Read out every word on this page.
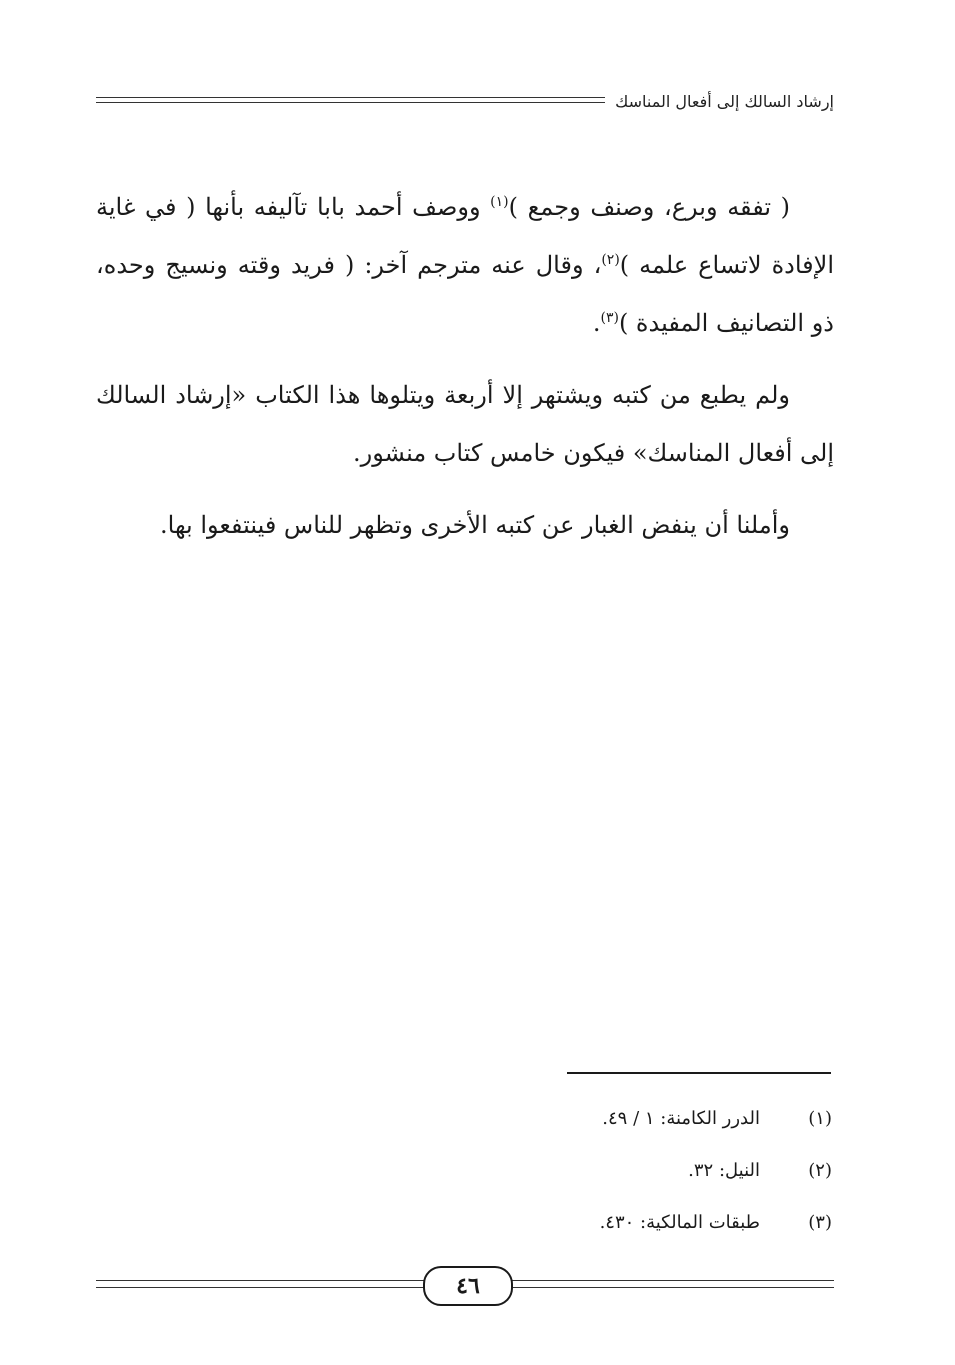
إرشاد السالك إلى أفعال المناسك

( تفقه وبرع، وصنف وجمع )$^{(١)}$ ووصف أحمد بابا تآليفه بأنها ( في غاية الإفادة لاتساع علمه )$^{(٢)}$، وقال عنه مترجم آخر: ( فريد وقته ونسيج وحده، ذو التصانيف المفيدة )$^{(٣)}$.

ولم يطبع من كتبه ويشتهر إلا أربعة ويتلوها هذا الكتاب «إرشاد السالك إلى أفعال المناسك» فيكون خامس كتاب منشور.

وأملنا أن ينفض الغبار عن كتبه الأخرى وتظهر للناس فينتفعوا بها.

(١)
الدرر الكامنة: ١ / ٤٩.
(٢)
النيل: ٣٢.
(٣)
طبقات المالكية: ٤٣٠.
٤٦
